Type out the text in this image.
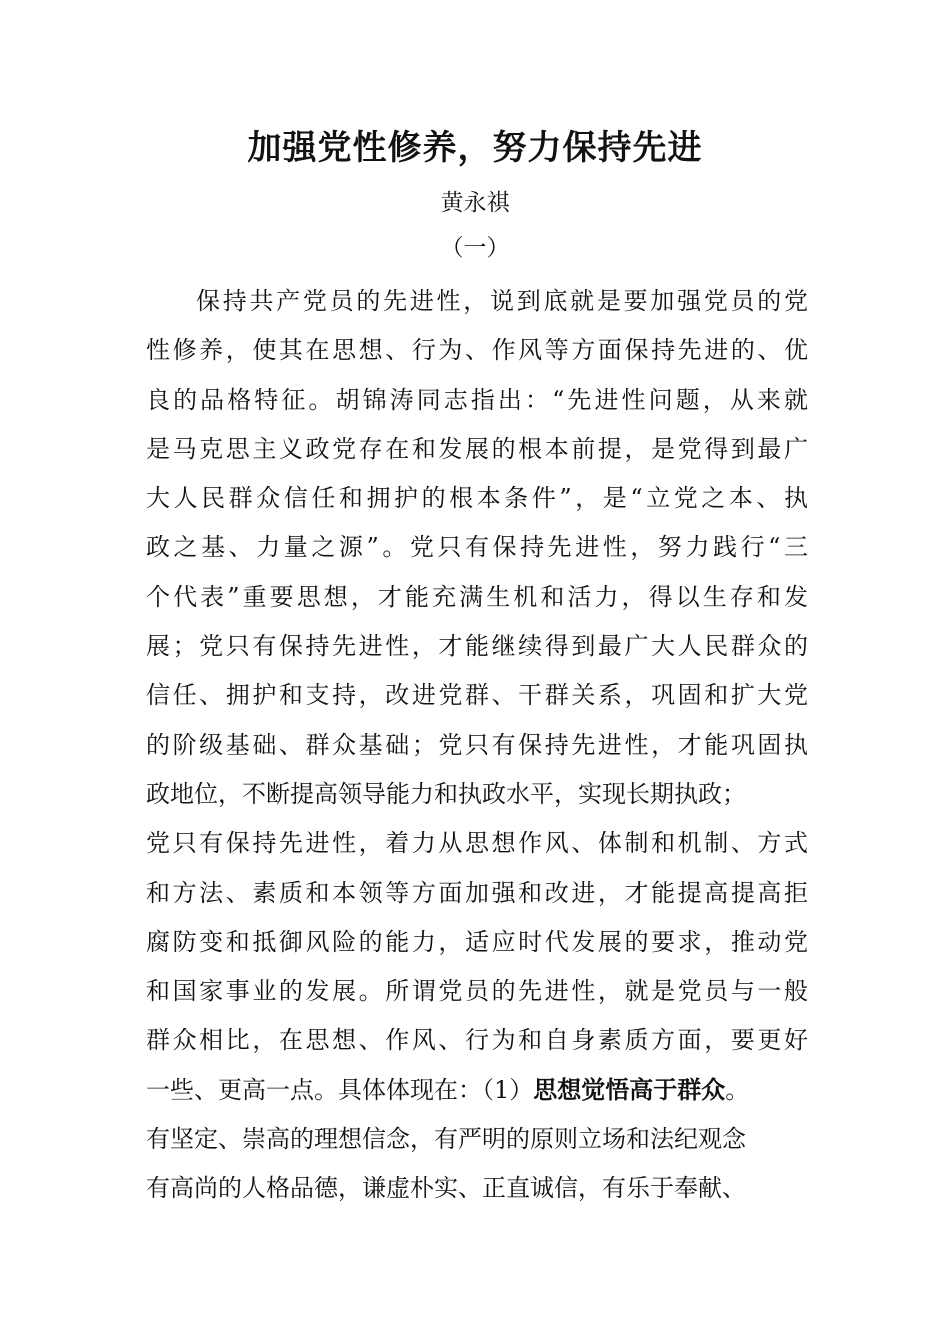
加强党性修养，努力保持先进
黄永祺
（一）
保持共产党员的先进性，说到底就是要加强党员的党
性修养，使其在思想、行为、作风等方面保持先进的、优
良的品格特征。胡锦涛同志指出：“先进性问题，从来就
是马克思主义政党存在和发展的根本前提，是党得到最广
大人民群众信任和拥护的根本条件”，是“立党之本、执
政之基、力量之源”。党只有保持先进性，努力践行“三
个代表”重要思想，才能充满生机和活力，得以生存和发
展；党只有保持先进性，才能继续得到最广大人民群众的
信任、拥护和支持，改进党群、干群关系，巩固和扩大党
的阶级基础、群众基础；党只有保持先进性，才能巩固执
政地位，不断提高领导能力和执政水平，实现长期执政；
党只有保持先进性，着力从思想作风、体制和机制、方式
和方法、素质和本领等方面加强和改进，才能提高提高拒
腐防变和抵御风险的能力，适应时代发展的要求，推动党
和国家事业的发展。所谓党员的先进性，就是党员与一般
群众相比，在思想、作风、行为和自身素质方面，要更好
一些、更高一点。具体体现在：（1）思想觉悟高于群众。
有坚定、崇高的理想信念，有严明的原则立场和法纪观念
有高尚的人格品德，谦虚朴实、正直诚信，有乐于奉献、
